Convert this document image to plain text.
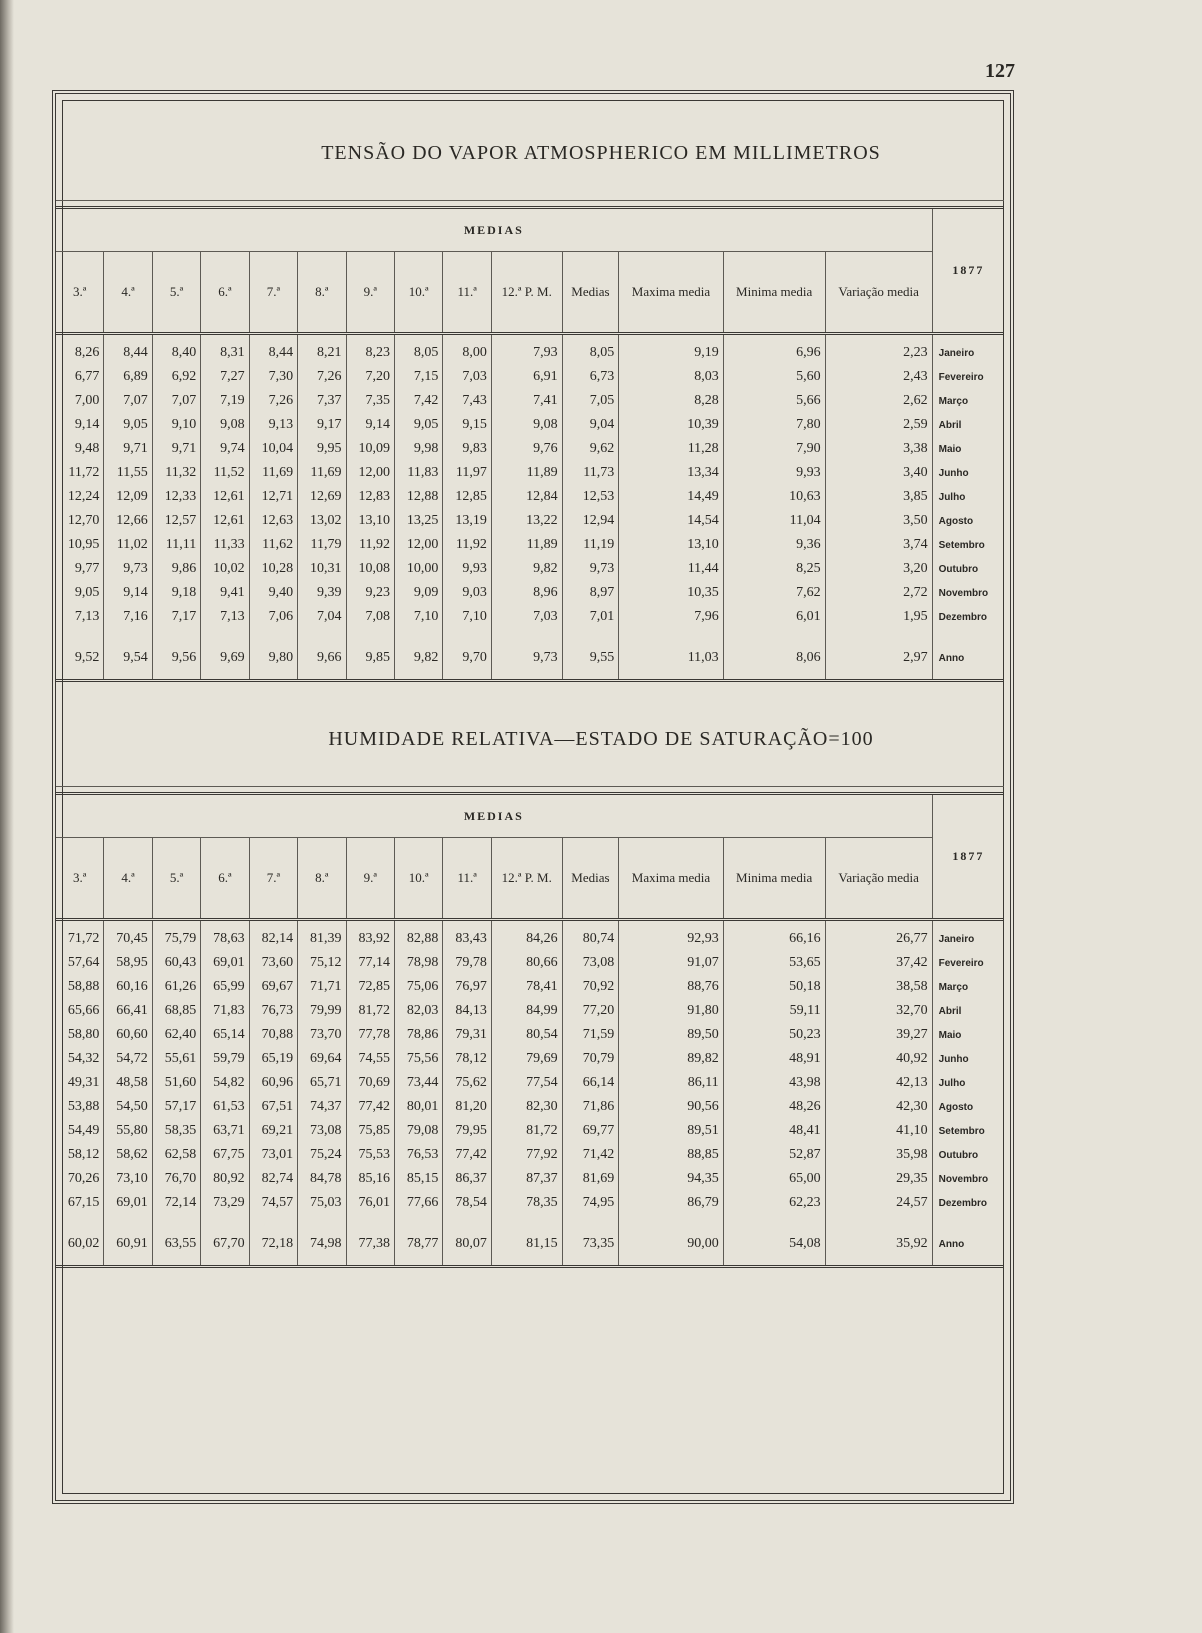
127
TENSÃO DO VAPOR ATMOSPHERICO EM MILLIMETROS
MEDIAS														1877
3.ª	4.ª	5.ª	6.ª	7.ª	8.ª	9.ª	10.ª	11.ª	12.ª P. M.	Medias	Maxima media	Minima media	Variação media	
8,26	8,44	8,40	8,31	8,44	8,21	8,23	8,05	8,00	7,93	8,05	9,19	6,96	2,23	Janeiro
6,77	6,89	6,92	7,27	7,30	7,26	7,20	7,15	7,03	6,91	6,73	8,03	5,60	2,43	Fevereiro
7,00	7,07	7,07	7,19	7,26	7,37	7,35	7,42	7,43	7,41	7,05	8,28	5,66	2,62	Março
9,14	9,05	9,10	9,08	9,13	9,17	9,14	9,05	9,15	9,08	9,04	10,39	7,80	2,59	Abril
9,48	9,71	9,71	9,74	10,04	9,95	10,09	9,98	9,83	9,76	9,62	11,28	7,90	3,38	Maio
11,72	11,55	11,32	11,52	11,69	11,69	12,00	11,83	11,97	11,89	11,73	13,34	9,93	3,40	Junho
12,24	12,09	12,33	12,61	12,71	12,69	12,83	12,88	12,85	12,84	12,53	14,49	10,63	3,85	Julho
12,70	12,66	12,57	12,61	12,63	13,02	13,10	13,25	13,19	13,22	12,94	14,54	11,04	3,50	Agosto
10,95	11,02	11,11	11,33	11,62	11,79	11,92	12,00	11,92	11,89	11,19	13,10	9,36	3,74	Setembro
9,77	9,73	9,86	10,02	10,28	10,31	10,08	10,00	9,93	9,82	9,73	11,44	8,25	3,20	Outubro
9,05	9,14	9,18	9,41	9,40	9,39	9,23	9,09	9,03	8,96	8,97	10,35	7,62	2,72	Novembro
7,13	7,16	7,17	7,13	7,06	7,04	7,08	7,10	7,10	7,03	7,01	7,96	6,01	1,95	Dezembro

9,52	9,54	9,56	9,69	9,80	9,66	9,85	9,82	9,70	9,73	9,55	11,03	8,06	2,97	Anno
HUMIDADE RELATIVA—ESTADO DE SATURAÇÃO=100
MEDIAS														1877
3.ª	4.ª	5.ª	6.ª	7.ª	8.ª	9.ª	10.ª	11.ª	12.ª P. M.	Medias	Maxima media	Minima media	Variação media	
71,72	70,45	75,79	78,63	82,14	81,39	83,92	82,88	83,43	84,26	80,74	92,93	66,16	26,77	Janeiro
57,64	58,95	60,43	69,01	73,60	75,12	77,14	78,98	79,78	80,66	73,08	91,07	53,65	37,42	Fevereiro
58,88	60,16	61,26	65,99	69,67	71,71	72,85	75,06	76,97	78,41	70,92	88,76	50,18	38,58	Março
65,66	66,41	68,85	71,83	76,73	79,99	81,72	82,03	84,13	84,99	77,20	91,80	59,11	32,70	Abril
58,80	60,60	62,40	65,14	70,88	73,70	77,78	78,86	79,31	80,54	71,59	89,50	50,23	39,27	Maio
54,32	54,72	55,61	59,79	65,19	69,64	74,55	75,56	78,12	79,69	70,79	89,82	48,91	40,92	Junho
49,31	48,58	51,60	54,82	60,96	65,71	70,69	73,44	75,62	77,54	66,14	86,11	43,98	42,13	Julho
53,88	54,50	57,17	61,53	67,51	74,37	77,42	80,01	81,20	82,30	71,86	90,56	48,26	42,30	Agosto
54,49	55,80	58,35	63,71	69,21	73,08	75,85	79,08	79,95	81,72	69,77	89,51	48,41	41,10	Setembro
58,12	58,62	62,58	67,75	73,01	75,24	75,53	76,53	77,42	77,92	71,42	88,85	52,87	35,98	Outubro
70,26	73,10	76,70	80,92	82,74	84,78	85,16	85,15	86,37	87,37	81,69	94,35	65,00	29,35	Novembro
67,15	69,01	72,14	73,29	74,57	75,03	76,01	77,66	78,54	78,35	74,95	86,79	62,23	24,57	Dezembro

60,02	60,91	63,55	67,70	72,18	74,98	77,38	78,77	80,07	81,15	73,35	90,00	54,08	35,92	Anno
